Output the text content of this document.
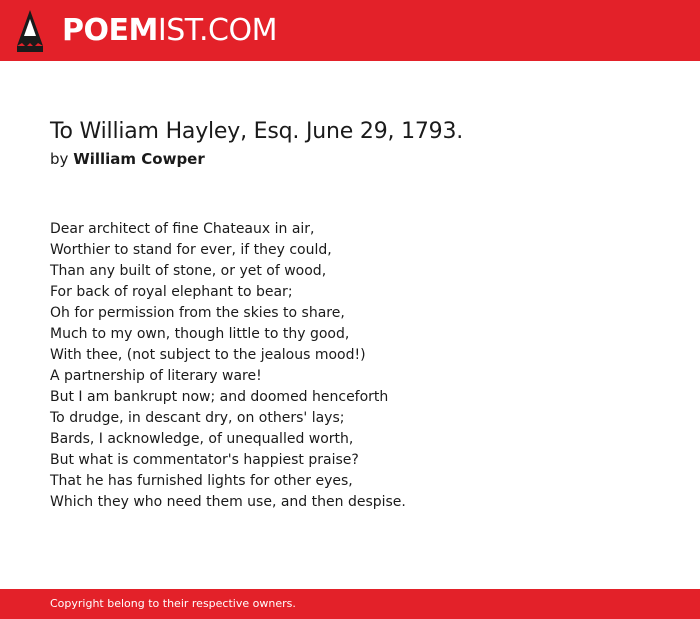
POEMIST.COM
To William Hayley, Esq. June 29, 1793.
by William Cowper
Dear architect of fine Chateaux in air,
Worthier to stand for ever, if they could,
Than any built of stone, or yet of wood,
For back of royal elephant to bear;
Oh for permission from the skies to share,
Much to my own, though little to thy good,
With thee, (not subject to the jealous mood!)
A partnership of literary ware!
But I am bankrupt now; and doomed henceforth
To drudge, in descant dry, on others' lays;
Bards, I acknowledge, of unequalled worth,
But what is commentator's happiest praise?
That he has furnished lights for other eyes,
Which they who need them use, and then despise.
Copyright belong to their respective owners.
